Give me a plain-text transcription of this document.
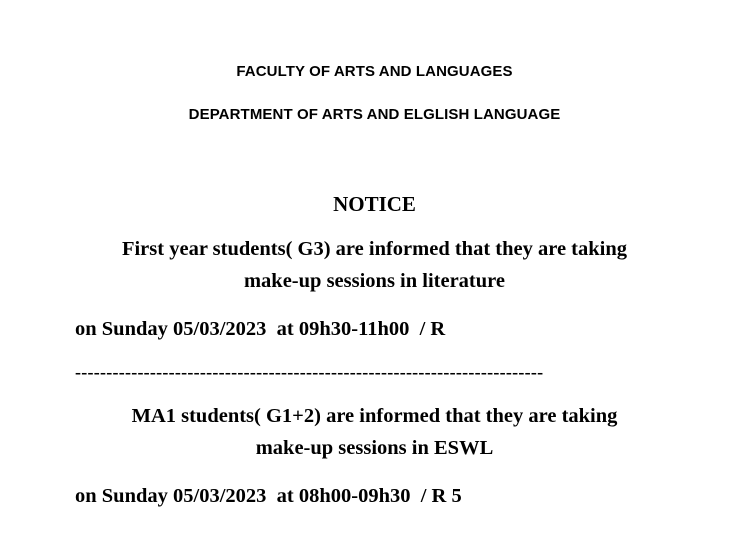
FACULTY OF ARTS AND LANGUAGES
DEPARTMENT OF ARTS AND ELGLISH LANGUAGE
NOTICE
First year students( G3) are informed that they are taking
make-up sessions in literature
on Sunday 05/03/2023  at 09h30-11h00  / R
---------------------------------------------------------------------------
MA1 students( G1+2) are informed that they are taking
make-up sessions in ESWL
on Sunday 05/03/2023  at 08h00-09h30  / R 5
